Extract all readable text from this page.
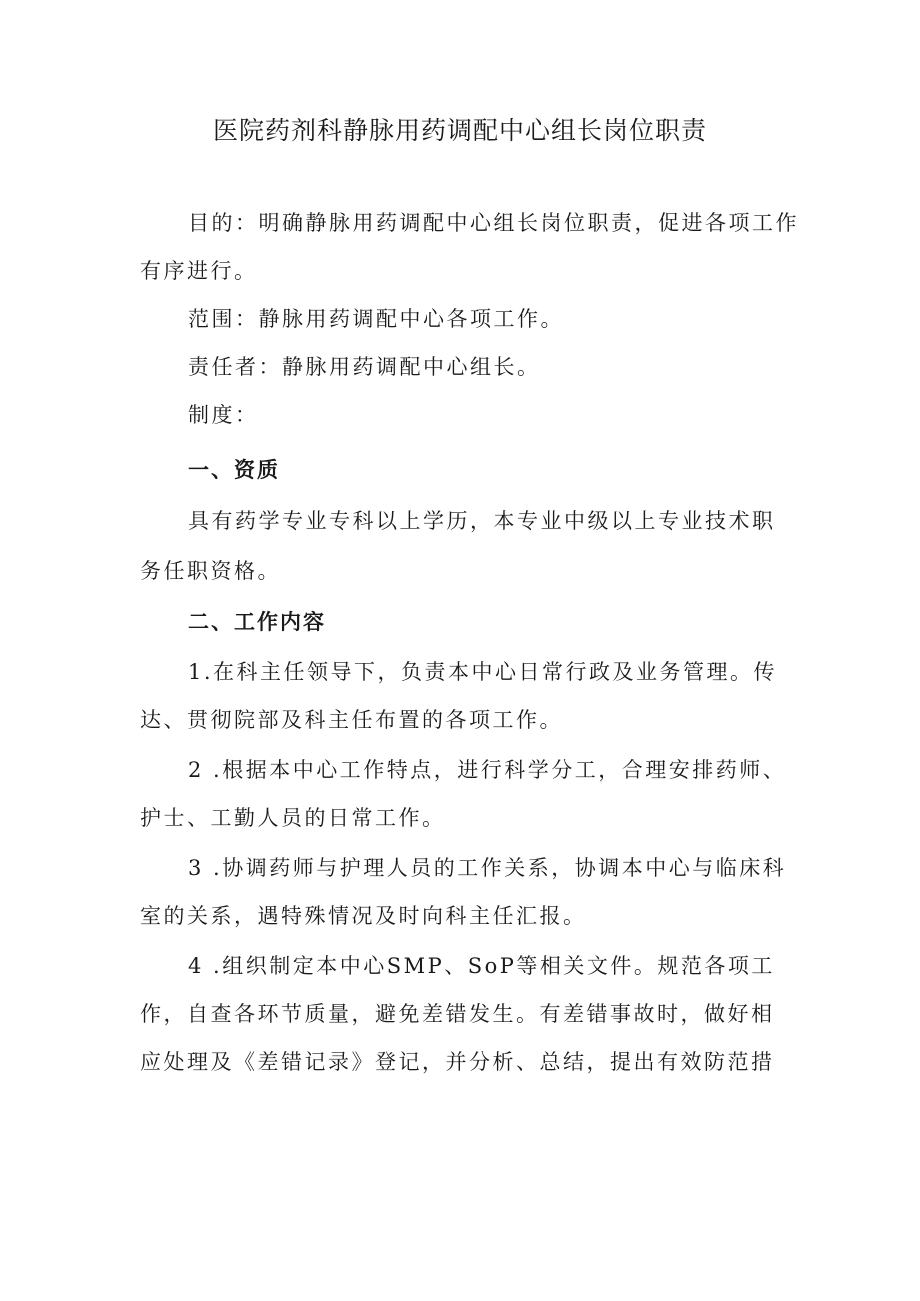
医院药剂科静脉用药调配中心组长岗位职责
目的：明确静脉用药调配中心组长岗位职责，促进各项工作
有序进行。
范围：静脉用药调配中心各项工作。
责任者：静脉用药调配中心组长。
制度：
一、资质
具有药学专业专科以上学历，本专业中级以上专业技术职
务任职资格。
二、工作内容
1.在科主任领导下，负责本中心日常行政及业务管理。传
达、贯彻院部及科主任布置的各项工作。
2 .根据本中心工作特点，进行科学分工，合理安排药师、
护士、工勤人员的日常工作。
3 .协调药师与护理人员的工作关系，协调本中心与临床科
室的关系，遇特殊情况及时向科主任汇报。
4 .组织制定本中心SMP、SoP等相关文件。规范各项工
作，自查各环节质量，避免差错发生。有差错事故时，做好相
应处理及《差错记录》登记，并分析、总结，提出有效防范措
